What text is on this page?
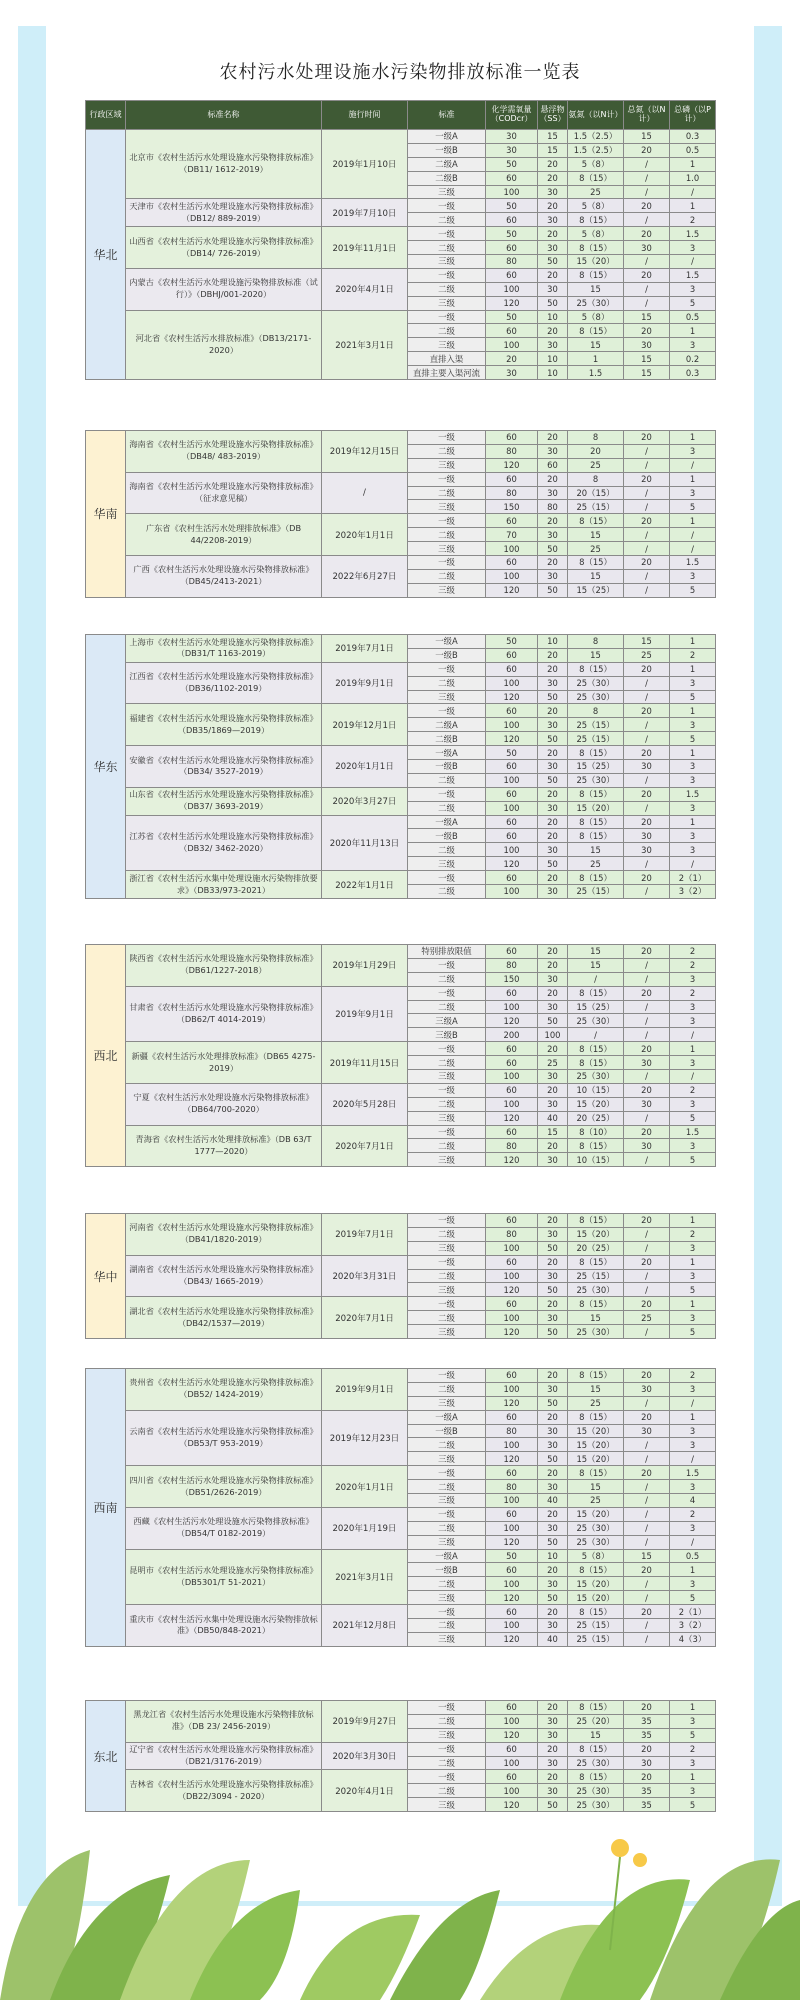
农村污水处理设施水污染物排放标准一览表
行政区域	标准名称	施行时间	标准	化学需氧量（CODcr）	悬浮物（SS）	氨氮（以N计）	总氮（以N计）	总磷（以P计）
华北	北京市《农村生活污水处理设施水污染物排放标准》（DB11/ 1612-2019）	2019年1月10日	一级A	30	15	1.5（2.5）	15	0.3
			一级B	30	15	1.5（2.5）	20	0.5
			二级A	50	20	5（8）	/	1
			二级B	60	20	8（15）	/	1.0
			三级	100	30	25	/	/
	天津市《农村生活污水处理设施水污染物排放标准》（DB12/ 889-2019）	2019年7月10日	一级	50	20	5（8）	20	1
			二级	60	30	8（15）	/	2
	山西省《农村生活污水处理设施水污染物排放标准》（DB14/ 726-2019）	2019年11月1日	一级	50	20	5（8）	20	1.5
			二级	60	30	8（15）	30	3
			三级	80	50	15（20）	/	/
	内蒙古《农村生活污水处理设施污染物排放标准（试行）》（DBHJ/001-2020）	2020年4月1日	一级	60	20	8（15）	20	1.5
			二级	100	30	15	/	3
			三级	120	50	25（30）	/	5
	河北省《农村生活污水排放标准》（DB13/2171-2020）	2021年3月1日	一级	50	10	5（8）	15	0.5
			二级	60	20	8（15）	20	1
			三级	100	30	15	30	3
			直排入渠	20	10	1	15	0.2
			直排主要入渠河流	30	10	1.5	15	0.3
华南	海南省《农村生活污水处理设施水污染物排放标准》（DB48/ 483-2019）	2019年12月15日	一级	60	20	8	20	1
			二级	80	30	20	/	3
			三级	120	60	25	/	/
	海南省《农村生活污水处理设施水污染物排放标准》（征求意见稿）	/	一级	60	20	8	20	1
			二级	80	30	20（15）	/	3
			三级	150	80	25（15）	/	5
	广东省《农村生活污水处理排放标准》（DB 44/2208-2019）	2020年1月1日	一级	60	20	8（15）	20	1
			二级	70	30	15	/	/
			三级	100	50	25	/	/
	广西《农村生活污水处理设施水污染物排放标准》（DB45/2413-2021）	2022年6月27日	一级	60	20	8（15）	20	1.5
			二级	100	30	15	/	3
			三级	120	50	15（25）	/	5
华东	上海市《农村生活污水处理设施水污染物排放标准》（DB31/T 1163-2019）	2019年7月1日	一级A	50	10	8	15	1
			一级B	60	20	15	25	2
	江西省《农村生活污水处理设施水污染物排放标准》（DB36/1102-2019）	2019年9月1日	一级	60	20	8（15）	20	1
			二级	100	30	25（30）	/	3
			三级	120	50	25（30）	/	5
	福建省《农村生活污水处理设施水污染物排放标准》（DB35/1869—2019）	2019年12月1日	一级	60	20	8	20	1
			二级A	100	30	25（15）	/	3
			二级B	120	50	25（15）	/	5
	安徽省《农村生活污水处理设施水污染物排放标准》（DB34/ 3527-2019）	2020年1月1日	一级A	50	20	8（15）	20	1
			一级B	60	30	15（25）	30	3
			二级	100	50	25（30）	/	3
	山东省《农村生活污水处理设施水污染物排放标准》（DB37/ 3693-2019）	2020年3月27日	一级	60	20	8（15）	20	1.5
			二级	100	30	15（20）	/	3
	江苏省《农村生活污水处理设施水污染物排放标准》（DB32/ 3462-2020）	2020年11月13日	一级A	60	20	8（15）	20	1
			一级B	60	20	8（15）	30	3
			二级	100	30	15	30	3
			三级	120	50	25	/	/
	浙江省《农村生活污水集中处理设施水污染物排放要求》（DB33/973-2021）	2022年1月1日	一级	60	20	8（15）	20	2（1）
			二级	100	30	25（15）	/	3（2）
西北	陕西省《农村生活污水处理设施水污染物排放标准》（DB61/1227-2018）	2019年1月29日	特别排放限值	60	20	15	20	2
			一级	80	20	15	/	2
			二级	150	30	/	/	3
	甘肃省《农村生活污水处理设施水污染物排放标准》（DB62/T 4014-2019）	2019年9月1日	一级	60	20	8（15）	20	2
			二级	100	30	15（25）	/	3
			三级A	120	50	25（30）	/	3
			三级B	200	100	/	/	/
	新疆《农村生活污水处理排放标准》（DB65 4275-2019）	2019年11月15日	一级	60	20	8（15）	20	1
			二级	60	25	8（15）	30	3
			三级	100	30	25（30）	/	/
	宁夏《农村生活污水处理设施水污染物排放标准》（DB64/700-2020）	2020年5月28日	一级	60	20	10（15）	20	2
			二级	100	30	15（20）	30	3
			三级	120	40	20（25）	/	5
	青海省《农村生活污水处理排放标准》（DB 63/T 1777—2020）	2020年7月1日	一级	60	15	8（10）	20	1.5
			二级	80	20	8（15）	30	3
			三级	120	30	10（15）	/	5
华中	河南省《农村生活污水处理设施水污染物排放标准》（DB41/1820-2019）	2019年7月1日	一级	60	20	8（15）	20	1
			二级	80	30	15（20）	/	2
			三级	100	50	20（25）	/	3
	湖南省《农村生活污水处理设施水污染物排放标准》（DB43/ 1665-2019）	2020年3月31日	一级	60	20	8（15）	20	1
			二级	100	30	25（15）	/	3
			三级	120	50	25（30）	/	5
	湖北省《农村生活污水处理设施水污染物排放标准》（DB42/1537—2019）	2020年7月1日	一级	60	20	8（15）	20	1
			二级	100	30	15	25	3
			三级	120	50	25（30）	/	5
西南	贵州省《农村生活污水处理设施水污染物排放标准》（DB52/ 1424-2019）	2019年9月1日	一级	60	20	8（15）	20	2
			二级	100	30	15	30	3
			三级	120	50	25	/	/
	云南省《农村生活污水处理设施水污染物排放标准》（DB53/T 953-2019）	2019年12月23日	一级A	60	20	8（15）	20	1
			一级B	80	30	15（20）	30	3
			二级	100	30	15（20）	/	3
			三级	120	50	15（20）	/	/
	四川省《农村生活污水处理设施水污染物排放标准》（DB51/2626-2019）	2020年1月1日	一级	60	20	8（15）	20	1.5
			二级	80	30	15	/	3
			三级	100	40	25	/	4
	西藏《农村生活污水处理设施水污染物排放标准》（DB54/T 0182-2019）	2020年1月19日	一级	60	20	15（20）	/	2
			二级	100	30	25（30）	/	3
			三级	120	50	25（30）	/	/
	昆明市《农村生活污水处理设施水污染物排放标准》（DB5301/T 51-2021）	2021年3月1日	一级A	50	10	5（8）	15	0.5
			一级B	60	20	8（15）	20	1
			二级	100	30	15（20）	/	3
			三级	120	50	15（20）	/	5
	重庆市《农村生活污水集中处理设施水污染物排放标准》（DB50/848-2021）	2021年12月8日	一级	60	20	8（15）	20	2（1）
			二级	100	30	25（15）	/	3（2）
			三级	120	40	25（15）	/	4（3）
东北	黑龙江省《农村生活污水处理设施水污染物排放标准》（DB 23/ 2456-2019）	2019年9月27日	一级	60	20	8（15）	20	1
			二级	100	30	25（20）	35	3
			三级	120	30	15	35	5
	辽宁省《农村生活污水处理设施水污染物排放标准》（DB21/3176-2019）	2020年3月30日	一级	60	20	8（15）	20	2
			二级	100	30	25（30）	30	3
	吉林省《农村生活污水处理设施水污染物排放标准》（DB22/3094 - 2020）	2020年4月1日	一级	60	20	8（15）	20	1
			二级	100	30	25（30）	35	3
			三级	120	50	25（30）	35	5
